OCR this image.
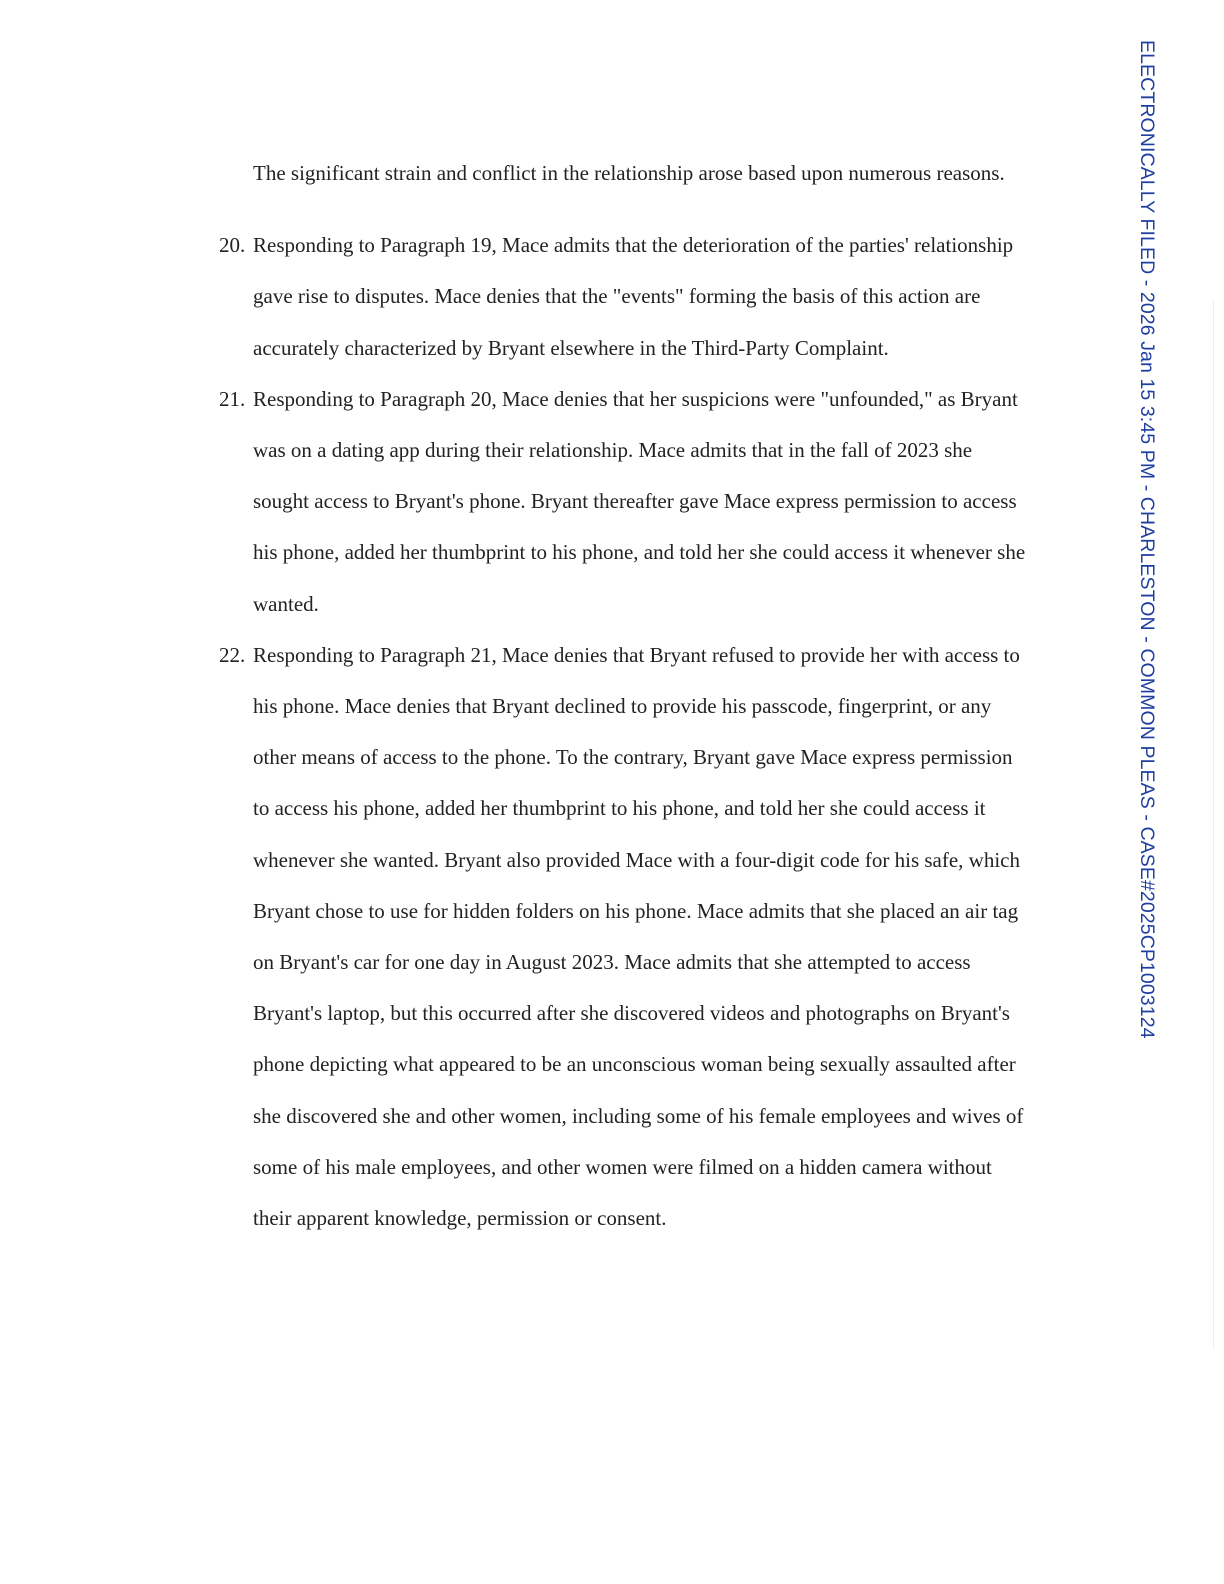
The significant strain and conflict in the relationship arose based upon numerous reasons.

20. Responding to Paragraph 19, Mace admits that the deterioration of the parties' relationship gave rise to disputes. Mace denies that the "events" forming the basis of this action are accurately characterized by Bryant elsewhere in the Third-Party Complaint.

21. Responding to Paragraph 20, Mace denies that her suspicions were "unfounded," as Bryant was on a dating app during their relationship. Mace admits that in the fall of 2023 she sought access to Bryant's phone. Bryant thereafter gave Mace express permission to access his phone, added her thumbprint to his phone, and told her she could access it whenever she wanted.

22. Responding to Paragraph 21, Mace denies that Bryant refused to provide her with access to his phone. Mace denies that Bryant declined to provide his passcode, fingerprint, or any other means of access to the phone. To the contrary, Bryant gave Mace express permission to access his phone, added her thumbprint to his phone, and told her she could access it whenever she wanted. Bryant also provided Mace with a four-digit code for his safe, which Bryant chose to use for hidden folders on his phone. Mace admits that she placed an air tag on Bryant's car for one day in August 2023. Mace admits that she attempted to access Bryant's laptop, but this occurred after she discovered videos and photographs on Bryant's phone depicting what appeared to be an unconscious woman being sexually assaulted after she discovered she and other women, including some of his female employees and wives of some of his male employees, and other women were filmed on a hidden camera without their apparent knowledge, permission or consent.

ELECTRONICALLY FILED - 2026 Jan 15 3:45 PM - CHARLESTON - COMMON PLEAS - CASE#2025CP1003124
